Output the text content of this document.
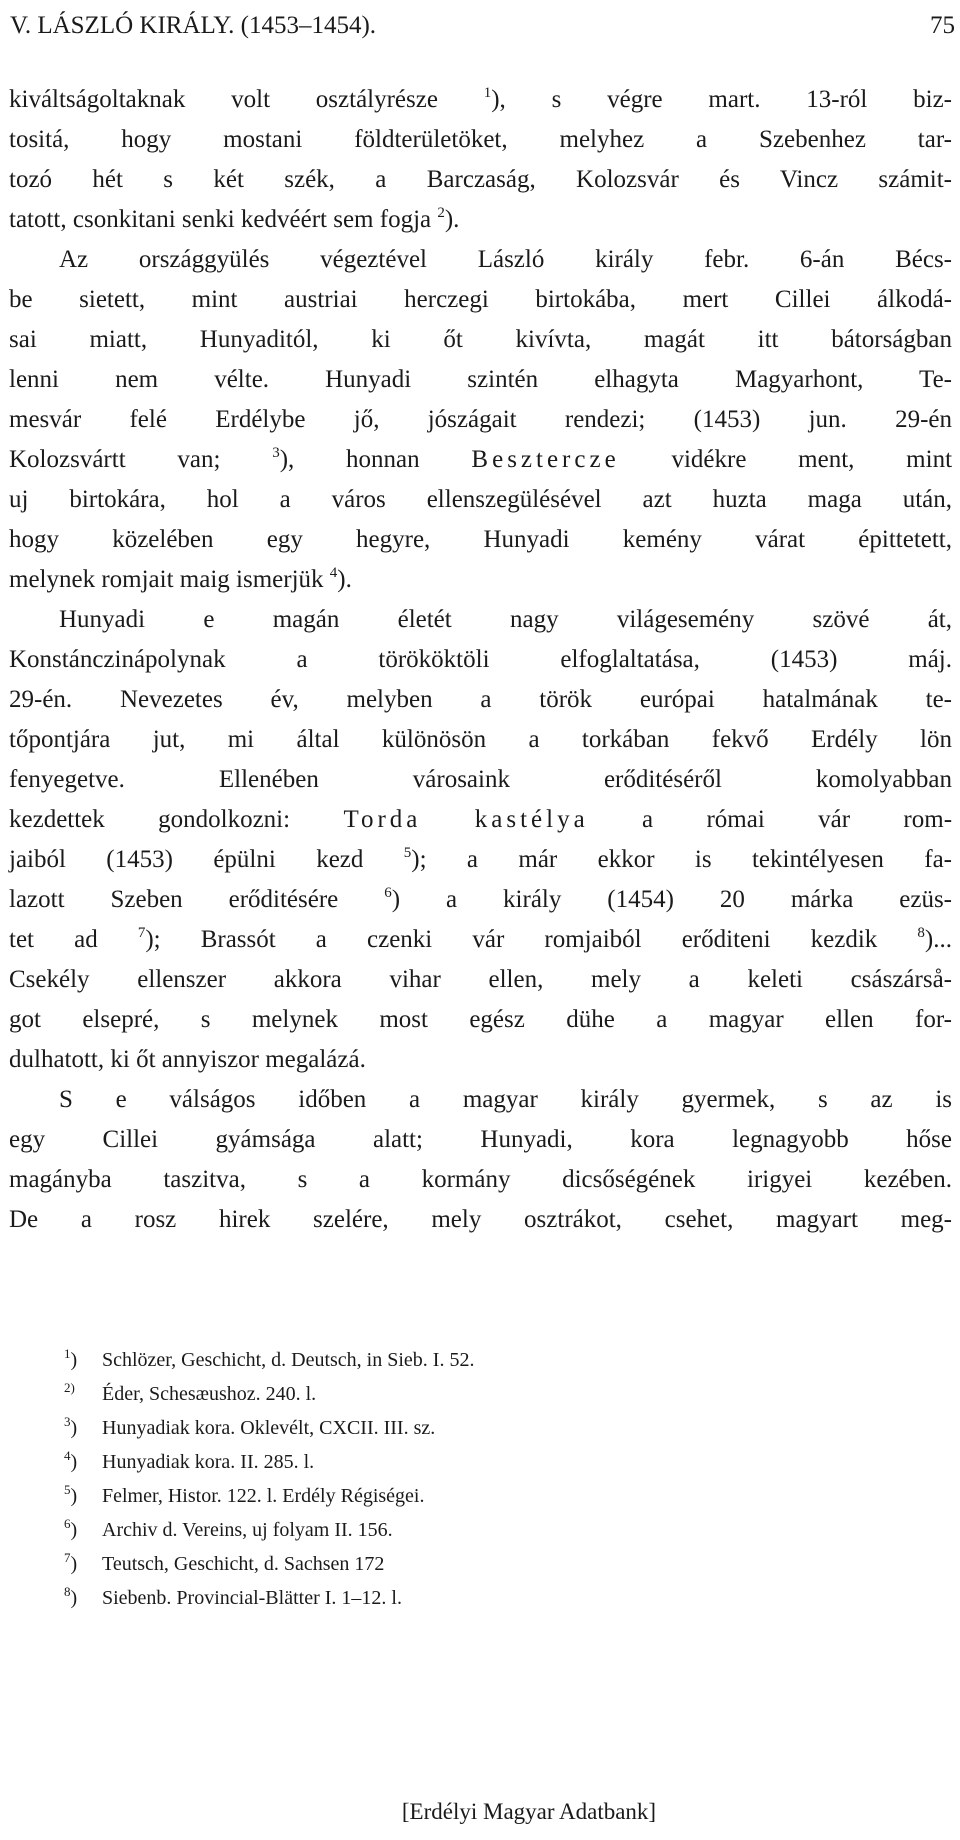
V. LÁSZLÓ KIRÁLY. (1453–1454).	75
kiváltságoltaknak volt osztályrésze	$^1$), s végre mart. 13-ról biz-
tositá, hogy mostani földterületöket, melyhez a Szebenhez tar-
tozó hét s két szék, a Barczaság, Kolozsvár és Vincz számit-
tatott, csonkitani senki kedvéért sem fogja $^2$).
Az országgyülés végeztével László király febr. 6-án Bécs-
be sietett, mint austriai herczegi birtokába, mert Cillei álkodá-
sai miatt, Hunyaditól, ki őt kivívta, magát itt bátorságban
lenni nem vélte. Hunyadi szintén elhagyta Magyarhont, Te-
mesvár felé Erdélybe jő, jószágait rendezi; (1453) jun. 29-én
Kolozsvártt van;	$^3$), honnan Besztercze vidékre ment, mint
uj birtokára, hol a város ellenszegülésével azt huzta maga után,
hogy közelében egy hegyre, Hunyadi kemény várat épittetett,
melynek romjait maig ismerjük $^4$).
Hunyadi e magán életét nagy világesemény szövé át,
Konstánczinápolynak a törököktöli elfoglaltatása, (1453) máj.
29-én. Nevezetes év, melyben a török európai hatalmának te-
tőpontjára jut, mi által különösön a torkában fekvő Erdély lön
fenyegetve. Ellenében városaink erőditéséről komolyabban
kezdettek gondolkozni: Torda kastélya a római vár rom-
jaiból (1453) épülni kezd	$^5$); a már ekkor is tekintélyesen fa-
lazott Szeben erőditésére	$^6$) a király (1454) 20 márka ezüs-
tet ad	$^7$); Brassót a czenki vár romjaiból erőditeni kezdik	$^8$)...
Csekély ellenszer akkora vihar ellen, mely a keleti császárså-
got elsepré, s melynek most egész dühe a magyar ellen for-
dulhatott, ki őt annyiszor megalázá.
S e válságos időben a magyar király gyermek, s az is
egy Cillei gyámsága alatt; Hunyadi, kora legnagyobb hőse
magányba taszitva, s a kormány dicsőségének irigyei kezében.
De a rosz hirek szelére, mely osztrákot, csehet, magyart meg-
$^1$) Schlözer, Geschicht, d. Deutsch, in Sieb. I. 52.
$^{2)}$ Éder, Schesæushoz. 240. l.
$^3$) Hunyadiak kora. Oklevélt, CXCII. III. sz.
$^4$) Hunyadiak kora. II. 285. l.
$^5$) Felmer, Histor. 122. l. Erdély Régiségei.
$^6$) Archiv d. Vereins, uj folyam II. 156.
$^7$) Teutsch, Geschicht, d. Sachsen 172
$^8$) Siebenb. Provincial-Blätter I. 1–12. l.
[Erdélyi Magyar Adatbank]
